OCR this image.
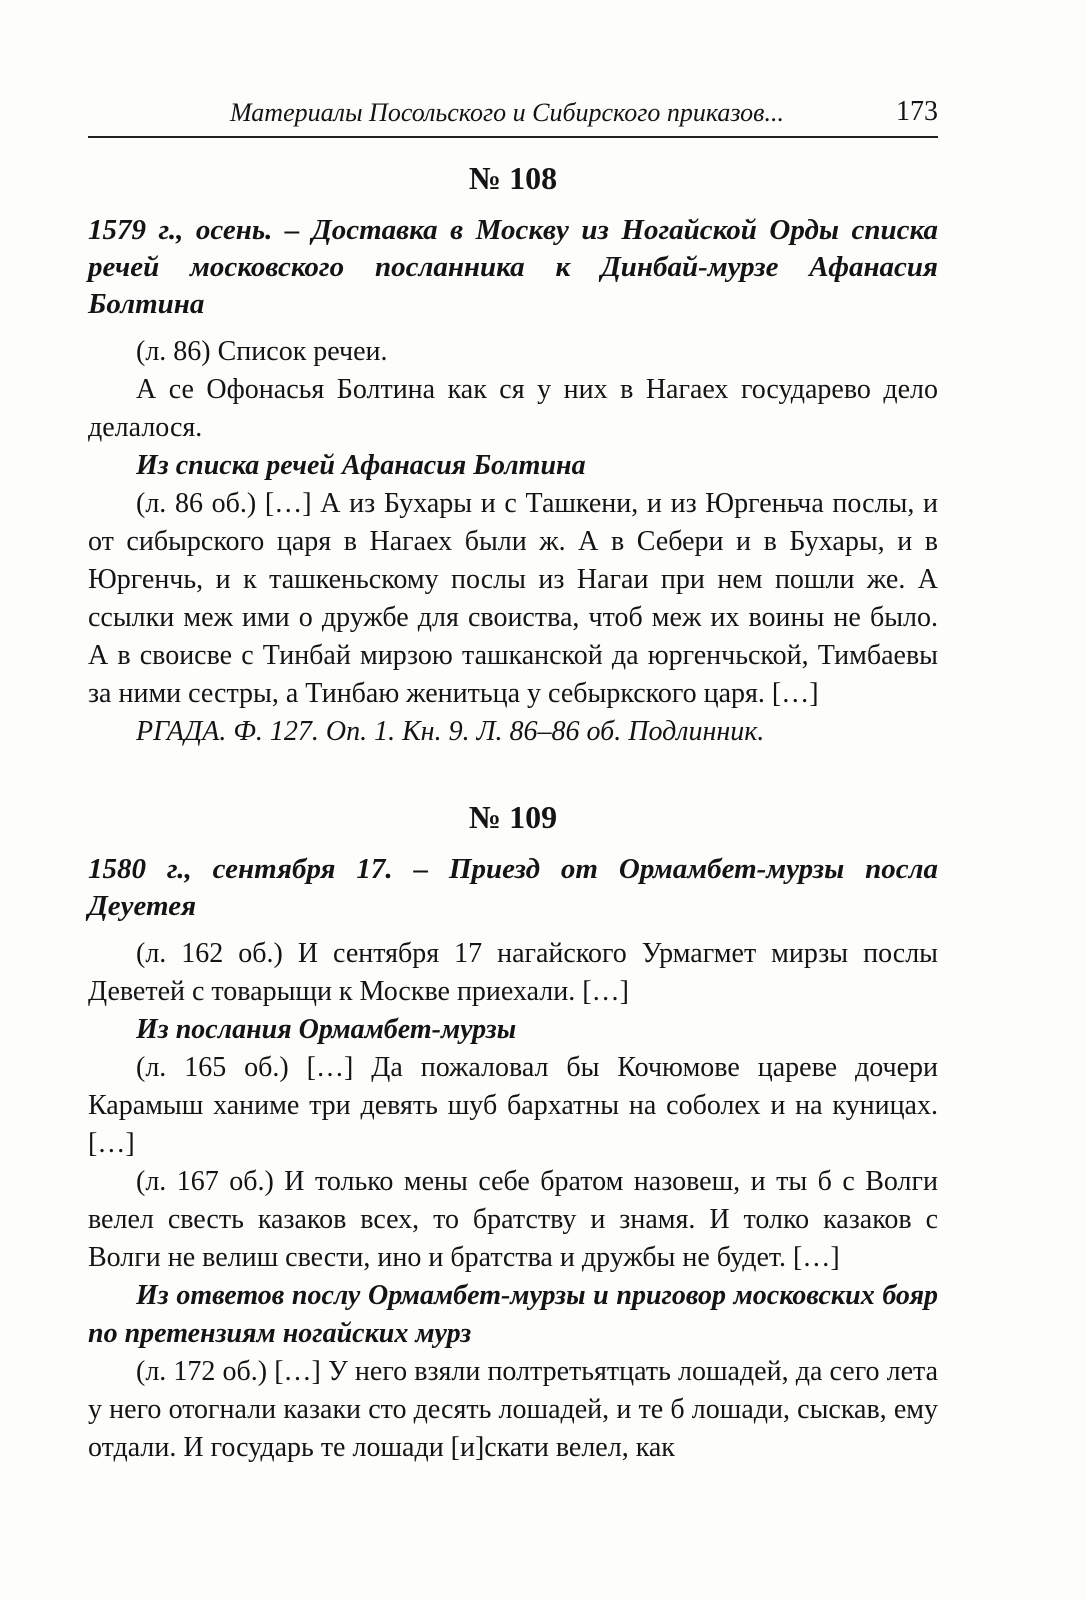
Материалы Посольского и Сибирского приказов...	173
№ 108
1579 г., осень. – Доставка в Москву из Ногайской Орды списка речей московского посланника к Динбай-мурзе Афанасия Болтина

(л. 86) Список речеи.

А се Офонасья Болтина как ся у них в Нагаех государево дело делалося.

Из списка речей Афанасия Болтина

(л. 86 об.) […] А из Бухары и с Ташкени, и из Юргеньча послы, и от сибырского царя в Нагаех были ж. А в Себери и в Бухары, и в Юргенчь, и к ташкеньскому послы из Нагаи при нем пошли же. А ссылки меж ими о дружбе для своиства, чтоб меж их воины не было. А в своисве с Тинбай мирзою ташканской да юргенчьской, Тимбаевы за ними сестры, а Тинбаю женитьца у себыркского царя. […]

РГАДА. Ф. 127. Оп. 1. Кн. 9. Л. 86–86 об. Подлинник.

№ 109
1580 г., сентября 17. – Приезд от Ормамбет-мурзы посла Деуетея

(л. 162 об.) И сентября 17 нагайского Урмагмет мирзы послы Деветей с товарыщи к Москве приехали. […]

Из послания Ормамбет-мурзы

(л. 165 об.) […] Да пожаловал бы Кочюмове цареве дочери Карамыш ханиме три девять шуб бархатны на соболех и на куницах. […]

(л. 167 об.) И только мены себе братом назовеш, и ты б с Волги велел свесть казаков всех, то братству и знамя. И толко казаков с Волги не велиш свести, ино и братства и дружбы не будет. […]

Из ответов послу Ормамбет-мурзы и приговор московских бояр по претензиям ногайских мурз

(л. 172 об.) […] У него взяли полтретьятцать лошадей, да сего лета у него отогнали казаки сто десять лошадей, и те б лошади, сыскав, ему отдали. И государь те лошади [и]скати велел, как
